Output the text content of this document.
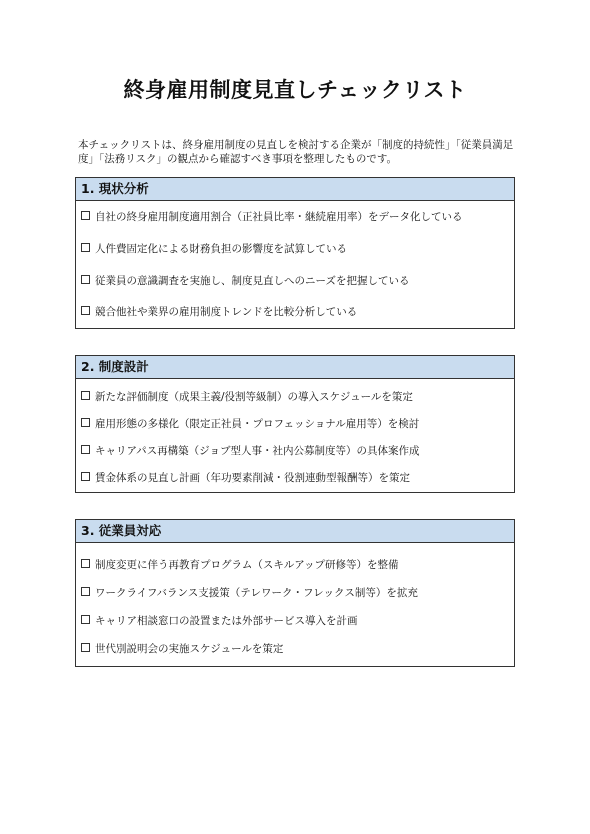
終身雇用制度見直しチェックリスト
本チェックリストは、終身雇用制度の見直しを検討する企業が「制度的持続性」「従業員満足度」「法務リスク」の観点から確認すべき事項を整理したものです。
1. 現状分析
自社の終身雇用制度適用割合（正社員比率・継続雇用率）をデータ化している
人件費固定化による財務負担の影響度を試算している
従業員の意識調査を実施し、制度見直しへのニーズを把握している
競合他社や業界の雇用制度トレンドを比較分析している
2. 制度設計
新たな評価制度（成果主義/役割等級制）の導入スケジュールを策定
雇用形態の多様化（限定正社員・プロフェッショナル雇用等）を検討
キャリアパス再構築（ジョブ型人事・社内公募制度等）の具体案作成
賃金体系の見直し計画（年功要素削減・役割連動型報酬等）を策定
3. 従業員対応
制度変更に伴う再教育プログラム（スキルアップ研修等）を整備
ワークライフバランス支援策（テレワーク・フレックス制等）を拡充
キャリア相談窓口の設置または外部サービス導入を計画
世代別説明会の実施スケジュールを策定
